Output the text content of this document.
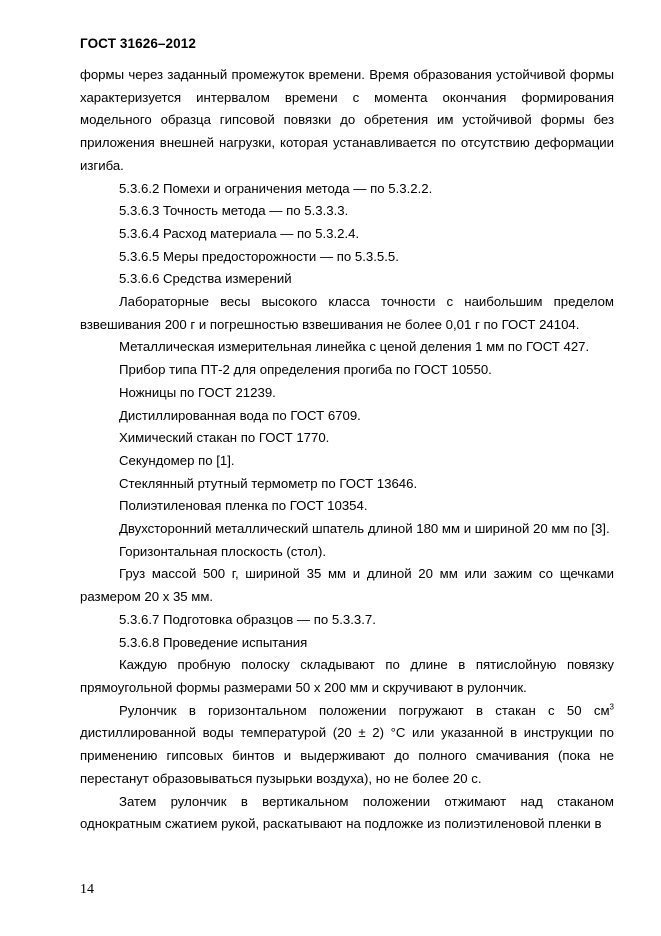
ГОСТ 31626–2012

формы через заданный промежуток времени. Время образования устойчивой формы характеризуется интервалом времени с момента окончания формирования модельного образца гипсовой повязки до обретения им устойчивой формы без приложения внешней нагрузки, которая устанавливается по отсутствию деформации изгиба.

5.3.6.2 Помехи и ограничения метода — по 5.3.2.2.

5.3.6.3 Точность метода — по 5.3.3.3.

5.3.6.4 Расход материала — по 5.3.2.4.

5.3.6.5 Меры предосторожности — по 5.3.5.5.

5.3.6.6 Средства измерений

Лабораторные весы высокого класса точности с наибольшим пределом взвешивания 200 г и погрешностью взвешивания не более 0,01 г по ГОСТ 24104.

Металлическая измерительная линейка с ценой деления 1 мм по ГОСТ 427.

Прибор типа ПТ-2 для определения прогиба по ГОСТ 10550.

Ножницы по ГОСТ 21239.

Дистиллированная вода по ГОСТ 6709.

Химический стакан по ГОСТ 1770.

Секундомер по [1].

Стеклянный ртутный термометр по ГОСТ 13646.

Полиэтиленовая пленка по ГОСТ 10354.

Двухсторонний металлический шпатель длиной 180 мм и шириной 20 мм по [3].

Горизонтальная плоскость (стол).

Груз массой 500 г, шириной 35 мм и длиной 20 мм или зажим со щечками размером 20 х 35 мм.

5.3.6.7 Подготовка образцов — по 5.3.3.7.

5.3.6.8 Проведение испытания

Каждую пробную полоску складывают по длине в пятислойную повязку прямоугольной формы размерами 50 х 200 мм и скручивают в рулончик.

Рулончик в горизонтальном положении погружают в стакан с 50 $см^3$ дистиллированной воды температурой (20 ± 2) °С или указанной в инструкции по применению гипсовых бинтов и выдерживают до полного смачивания (пока не перестанут образовываться пузырьки воздуха), но не более 20 с.

Затем рулончик в вертикальном положении отжимают над стаканом однократным сжатием рукой, раскатывают на подложке из полиэтиленовой пленки в

14
